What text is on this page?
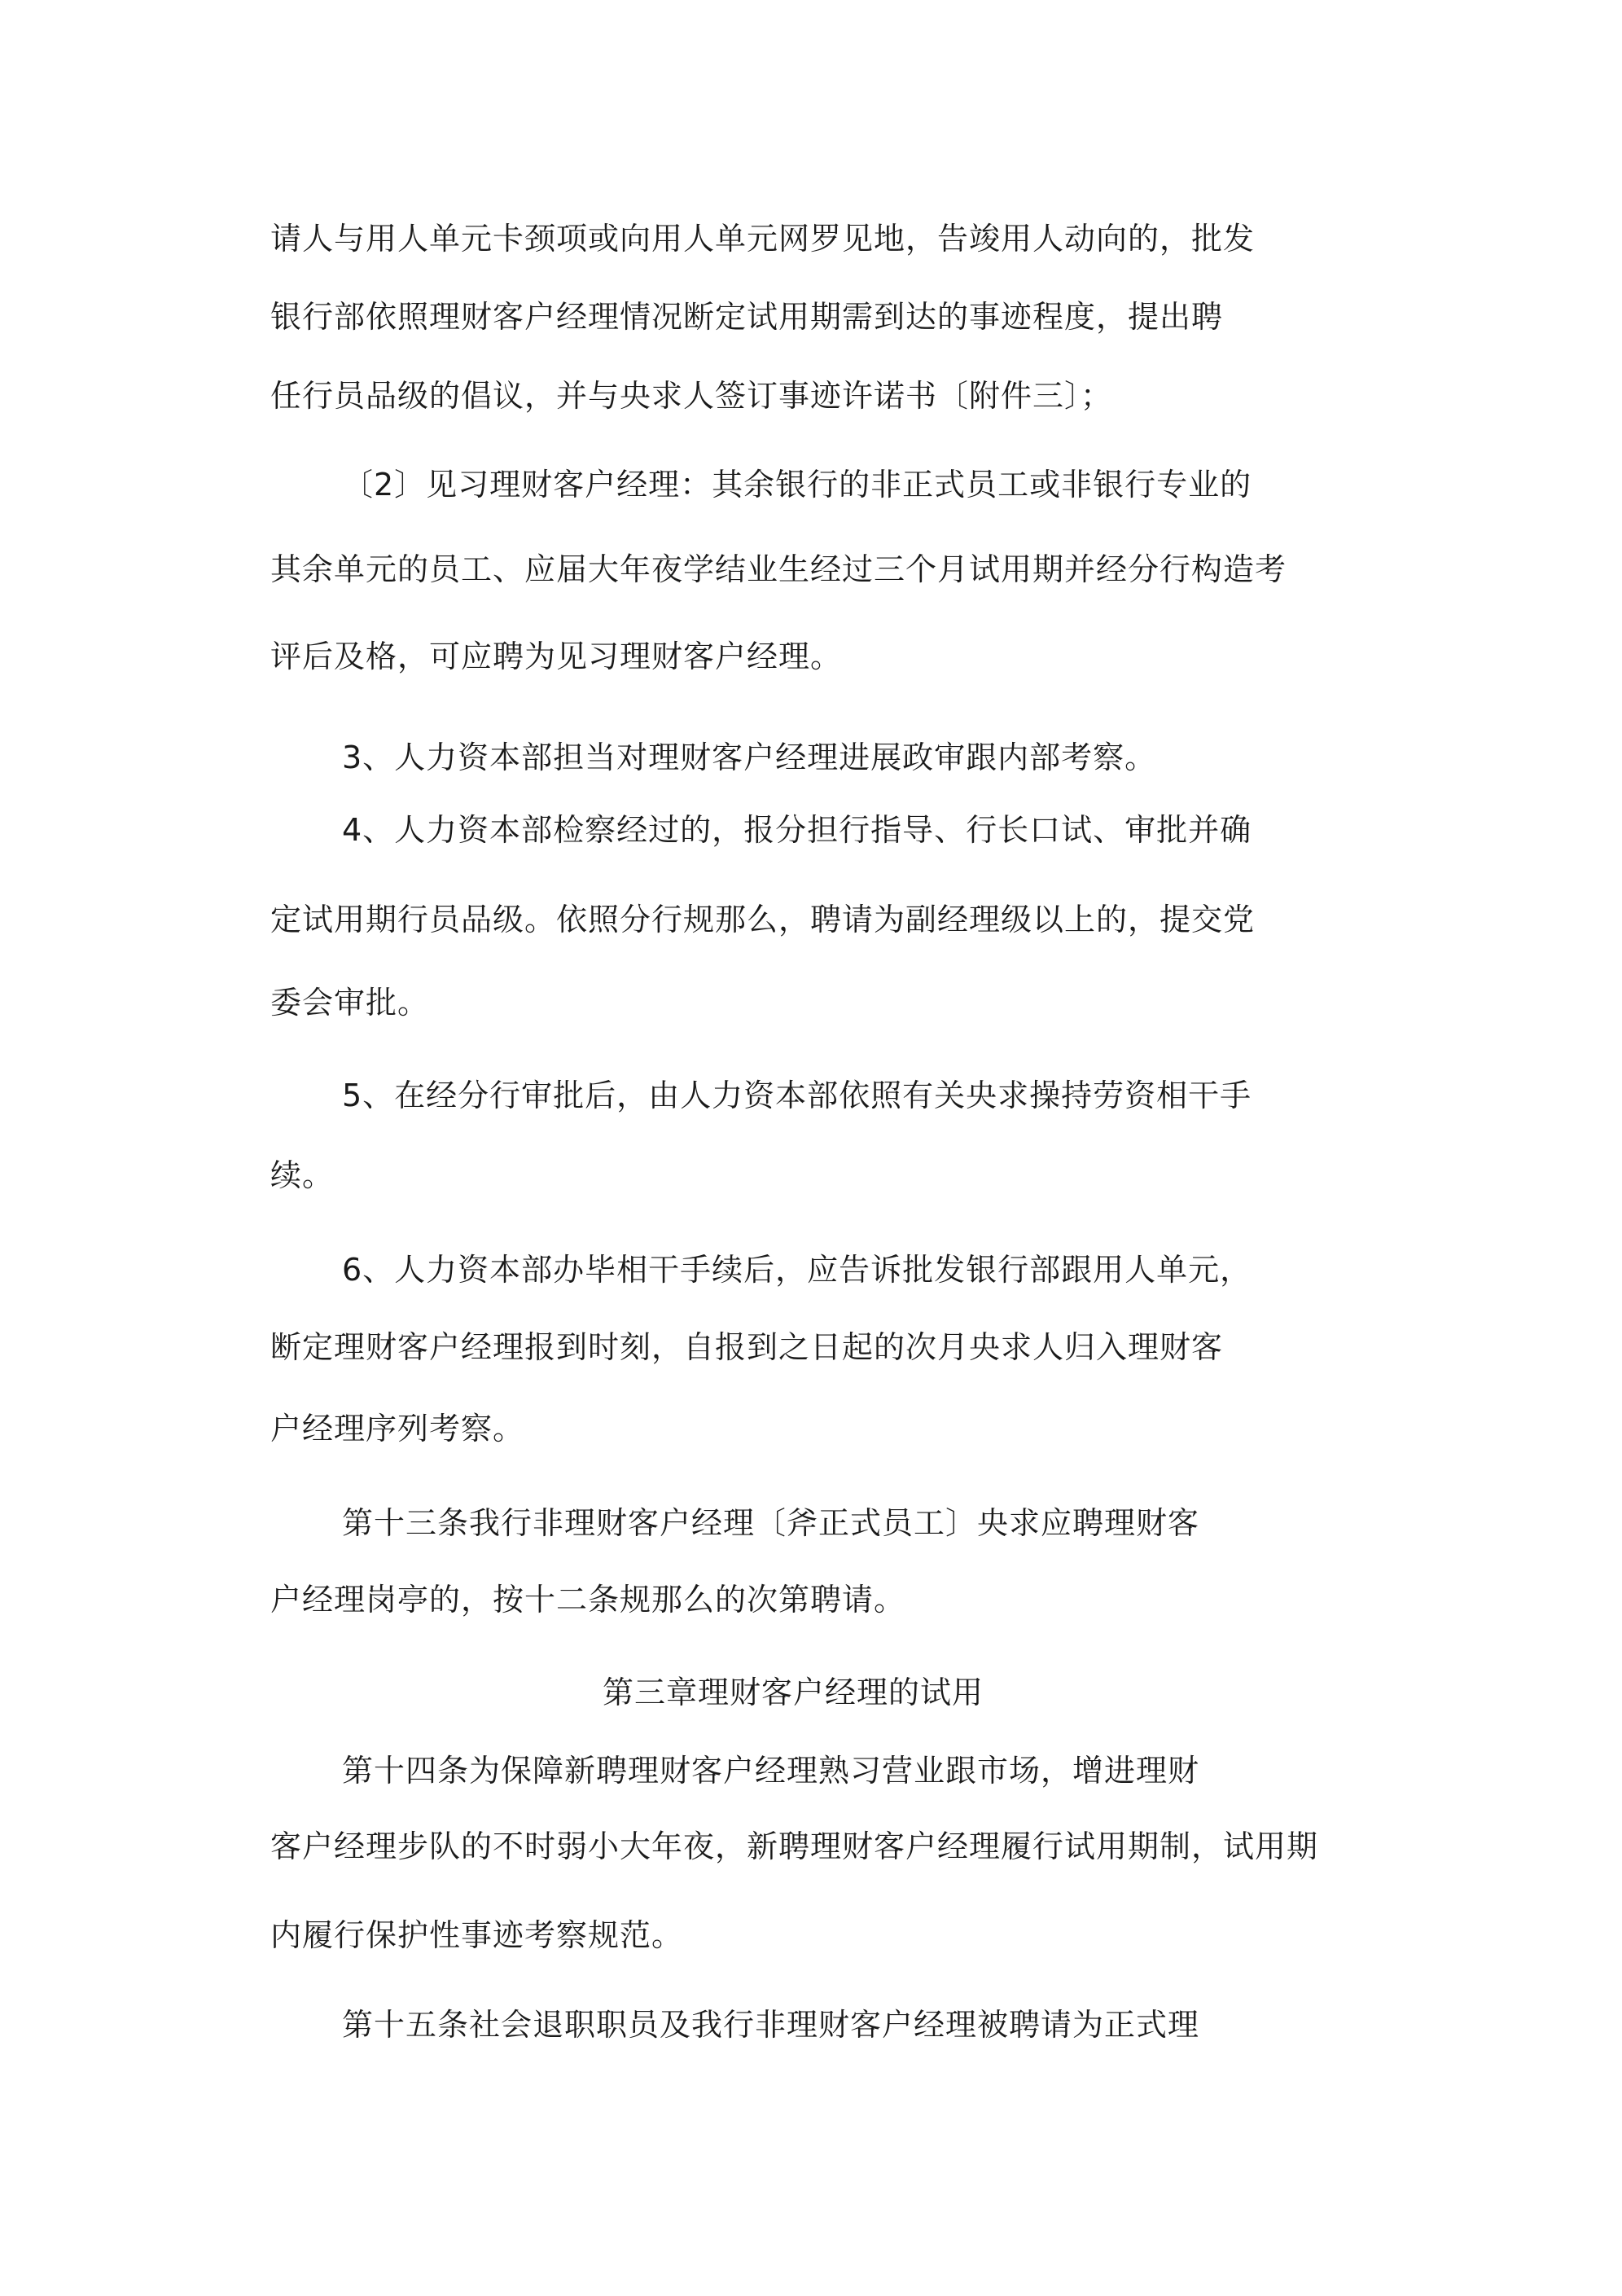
请人与用人单元卡颈项或向用人单元网罗见地，告竣用人动向的，批发
银行部依照理财客户经理情况断定试用期需到达的事迹程度，提出聘
任行员品级的倡议，并与央求人签订事迹许诺书〔附件三〕；
〔2〕见习理财客户经理：其余银行的非正式员工或非银行专业的
其余单元的员工、应届大年夜学结业生经过三个月试用期并经分行构造考
评后及格，可应聘为见习理财客户经理。
3、人力资本部担当对理财客户经理进展政审跟内部考察。
4、人力资本部检察经过的，报分担行指导、行长口试、审批并确
定试用期行员品级。依照分行规那么，聘请为副经理级以上的，提交党
委会审批。
5、在经分行审批后，由人力资本部依照有关央求操持劳资相干手
续。
6、人力资本部办毕相干手续后，应告诉批发银行部跟用人单元，
断定理财客户经理报到时刻，自报到之日起的次月央求人归入理财客
户经理序列考察。
第十三条我行非理财客户经理〔斧正式员工〕央求应聘理财客
户经理岗亭的，按十二条规那么的次第聘请。
第三章理财客户经理的试用
第十四条为保障新聘理财客户经理熟习营业跟市场，增进理财
客户经理步队的不时弱小大年夜，新聘理财客户经理履行试用期制，试用期
内履行保护性事迹考察规范。
第十五条社会退职职员及我行非理财客户经理被聘请为正式理
